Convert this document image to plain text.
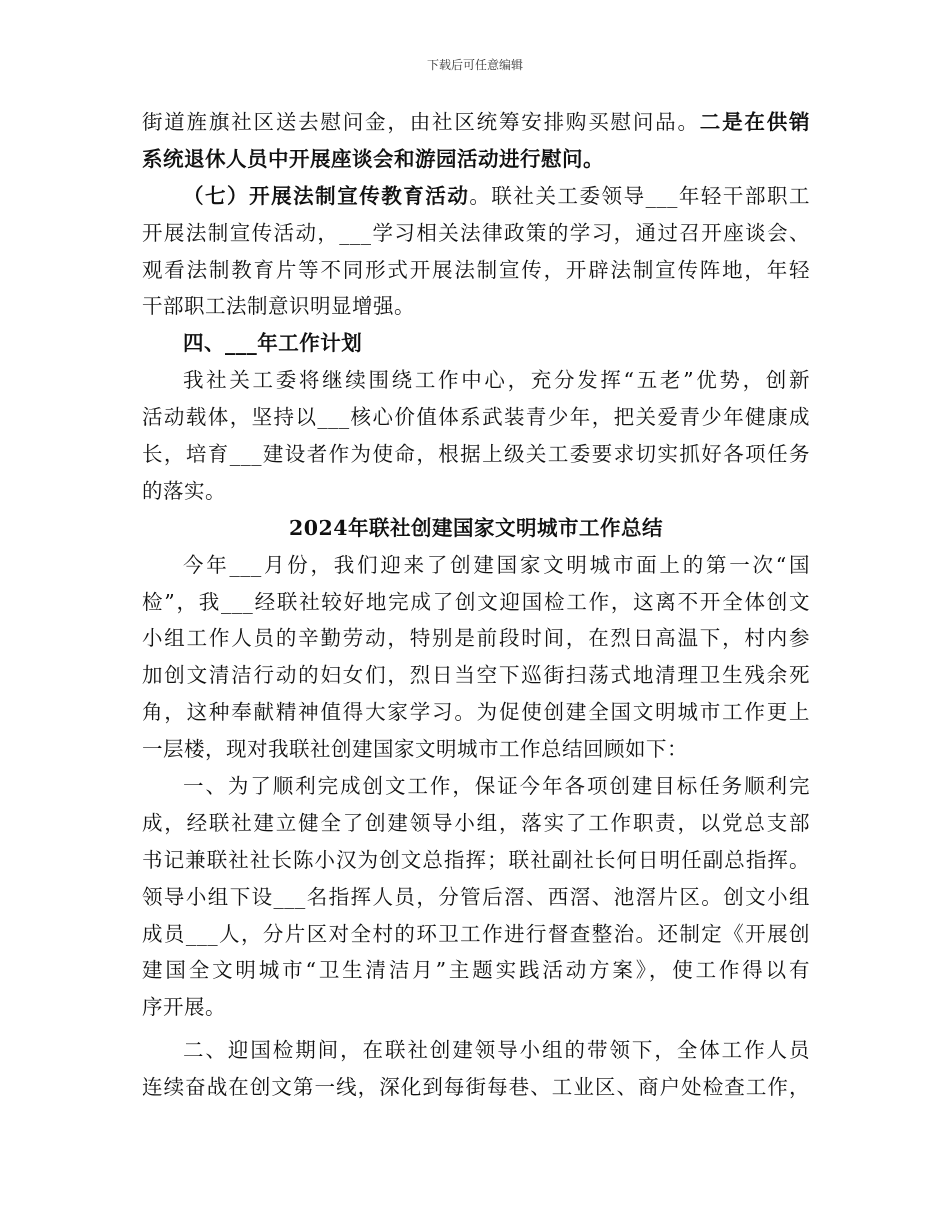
下载后可任意编辑
街道旌旗社区送去慰问金，由社区统筹安排购买慰问品。二是在供销
系统退休人员中开展座谈会和游园活动进行慰问。
（七）开展法制宣传教育活动。联社关工委领导___年轻干部职工
开展法制宣传活动，___学习相关法律政策的学习，通过召开座谈会、
观看法制教育片等不同形式开展法制宣传，开辟法制宣传阵地，年轻
干部职工法制意识明显增强。
四、___年工作计划
我社关工委将继续围绕工作中心，充分发挥“五老”优势，创新
活动载体，坚持以___核心价值体系武装青少年，把关爱青少年健康成
长，培育___建设者作为使命，根据上级关工委要求切实抓好各项任务
的落实。
2024年联社创建国家文明城市工作总结
今年___月份，我们迎来了创建国家文明城市面上的第一次“国
检”，我___经联社较好地完成了创文迎国检工作，这离不开全体创文
小组工作人员的辛勤劳动，特别是前段时间，在烈日高温下，村内参
加创文清洁行动的妇女们，烈日当空下巡街扫荡式地清理卫生残余死
角，这种奉献精神值得大家学习。为促使创建全国文明城市工作更上
一层楼，现对我联社创建国家文明城市工作总结回顾如下：
一、为了顺利完成创文工作，保证今年各项创建目标任务顺利完
成，经联社建立健全了创建领导小组，落实了工作职责，以党总支部
书记兼联社社长陈小汉为创文总指挥；联社副社长何日明任副总指挥。
领导小组下设___名指挥人员，分管后滘、西滘、池滘片区。创文小组
成员___人，分片区对全村的环卫工作进行督查整治。还制定《开展创
建国全文明城市“卫生清洁月”主题实践活动方案》，使工作得以有
序开展。
二、迎国检期间，在联社创建领导小组的带领下，全体工作人员
连续奋战在创文第一线，深化到每街每巷、工业区、商户处检查工作，
